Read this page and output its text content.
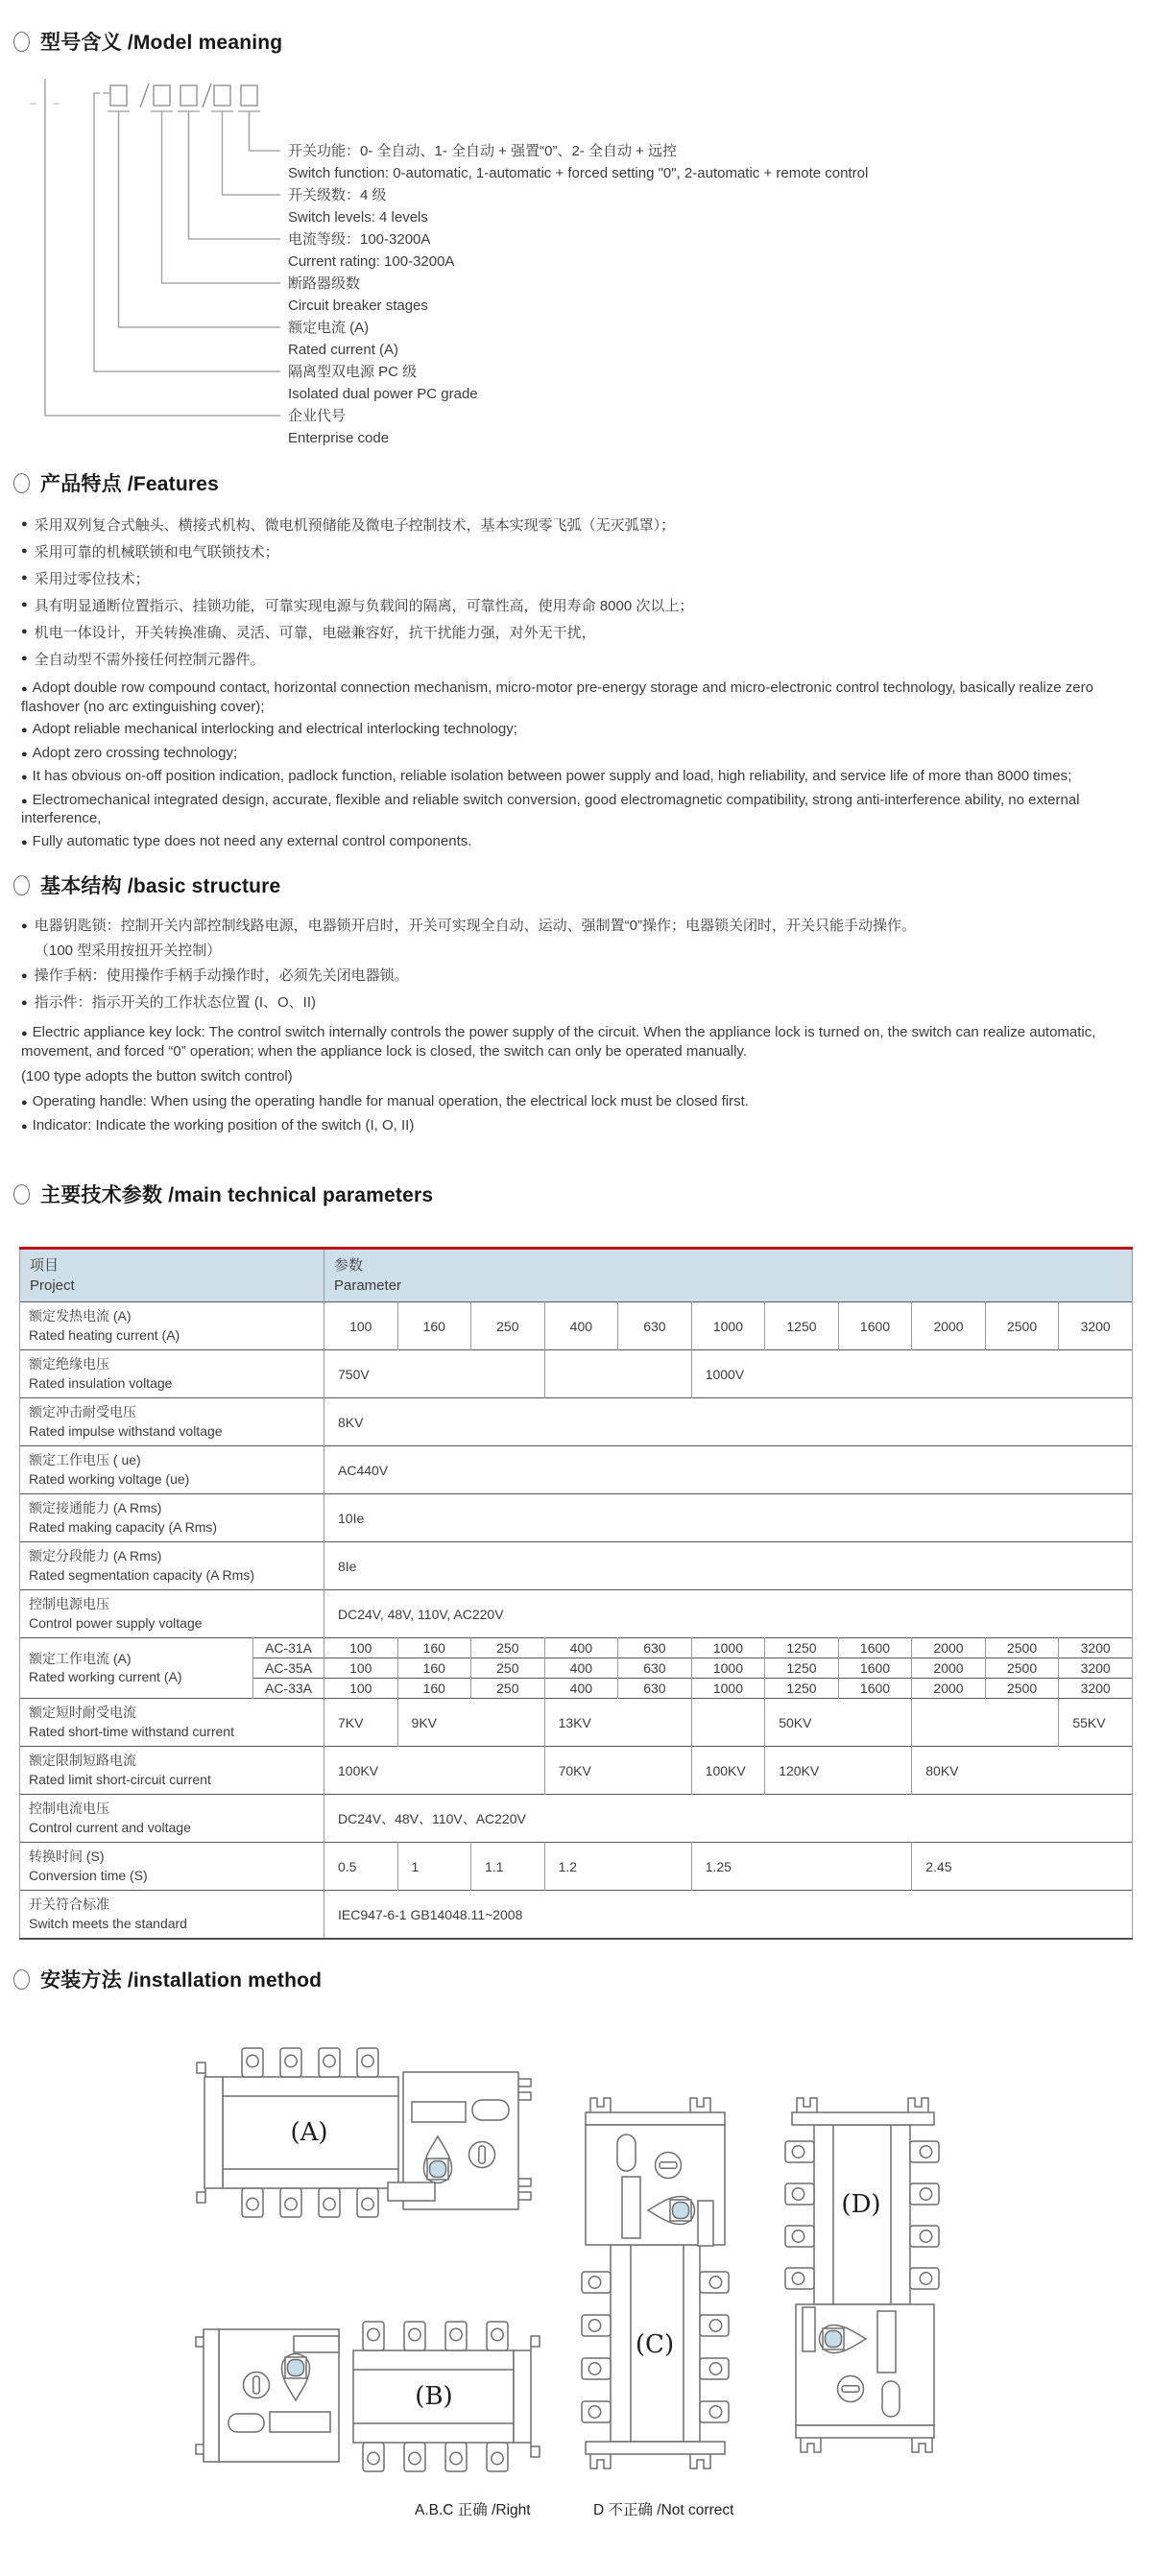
型号含义 /Model meaning
开关功能：0- 全自动、1- 全自动 + 强置“0”、2- 全自动 + 远控
Switch function: 0-automatic, 1-automatic + forced setting "0", 2-automatic + remote control
开关级数：4 级
Switch levels: 4 levels
电流等级：100-3200A
Current rating: 100-3200A
断路器级数
Circuit breaker stages
额定电流 (A)
Rated current (A)
隔离型双电源 PC 级
Isolated dual power PC grade
企业代号
Enterprise code
产品特点 /Features
● 采用双列复合式触头、横接式机构、微电机预储能及微电子控制技术，基本实现零飞弧（无灭弧罩）；
● 采用可靠的机械联锁和电气联锁技术；
● 采用过零位技术；
● 具有明显通断位置指示、挂锁功能，可靠实现电源与负载间的隔离，可靠性高，使用寿命 8000 次以上；
● 机电一体设计，开关转换准确、灵活、可靠，电磁兼容好，抗干扰能力强，对外无干扰，
● 全自动型不需外接任何控制元器件。
● Adopt double row compound contact, horizontal connection mechanism, micro-motor pre-energy storage and micro-electronic control technology, basically realize zero flashover (no arc extinguishing cover);
● Adopt reliable mechanical interlocking and electrical interlocking technology;
● Adopt zero crossing technology;
● It has obvious on-off position indication, padlock function, reliable isolation between power supply and load, high reliability, and service life of more than 8000 times;
● Electromechanical integrated design, accurate, flexible and reliable switch conversion, good electromagnetic compatibility, strong anti-interference ability, no external interference,
● Fully automatic type does not need any external control components.
基本结构 /basic structure
● 电器钥匙锁：控制开关内部控制线路电源，电器锁开启时，开关可实现全自动、运动、强制置“0”操作；电器锁关闭时，开关只能手动操作。
（100 型采用按扭开关控制）
● 操作手柄：使用操作手柄手动操作时，必须先关闭电器锁。
● 指示件：指示开关的工作状态位置 (I、O、II)
● Electric appliance key lock: The control switch internally controls the power supply of the circuit. When the appliance lock is turned on, the switch can realize automatic, movement, and forced “0” operation; when the appliance lock is closed, the switch can only be operated manually.
(100 type adopts the button switch control)
● Operating handle: When using the operating handle for manual operation, the electrical lock must be closed first.
● Indicator: Indicate the working position of the switch (I, O, II)
主要技术参数 /main technical parameters
项目
Project

参数
Parameter

额定发热电流 (A)
Rated heating current (A)		100	160	250	400	630	1000	1250	1600	2000	2500	3200

额定绝缘电压
Rated insulation voltage		750V					1000V					

额定冲击耐受电压
Rated impulse withstand voltage		8KV										

额定工作电压 ( ue)
Rated working voltage (ue)		AC440V										

额定接通能力 (A Rms)
Rated making capacity (A Rms)		10Ie										

额定分段能力 (A Rms)
Rated segmentation capacity (A Rms)		8Ie										

控制电源电压
Control power supply voltage		DC24V, 48V, 110V, AC220V										

额定工作电流 (A)
Rated working current (A)	AC-31A	100	160	250	400	630	1000	1250	1600	2000	2500	3200
	AC-35A	100	160	250	400	630	1000	1250	1600	2000	2500	3200
	AC-33A	100	160	250	400	630	1000	1250	1600	2000	2500	3200

额定短时耐受电流
Rated short-time withstand current		7KV	9KV		13KV			50KV				55KV

额定限制短路电流
Rated limit short-circuit current		100KV			70KV		100KV	120KV		80KV		

控制电流电压
Control current and voltage		DC24V、48V、110V、AC220V										

转换时间 (S)
Conversion time (S)		0.5	1	1.1	1.2		1.25			2.45		

开关符合标准
Switch meets the standard		IEC947-6-1 GB14048.11~2008										
安装方法 /installation method
(A)
(B)
(C)
(D)
A.B.C 正确 /Right	D 不正确 /Not correct
